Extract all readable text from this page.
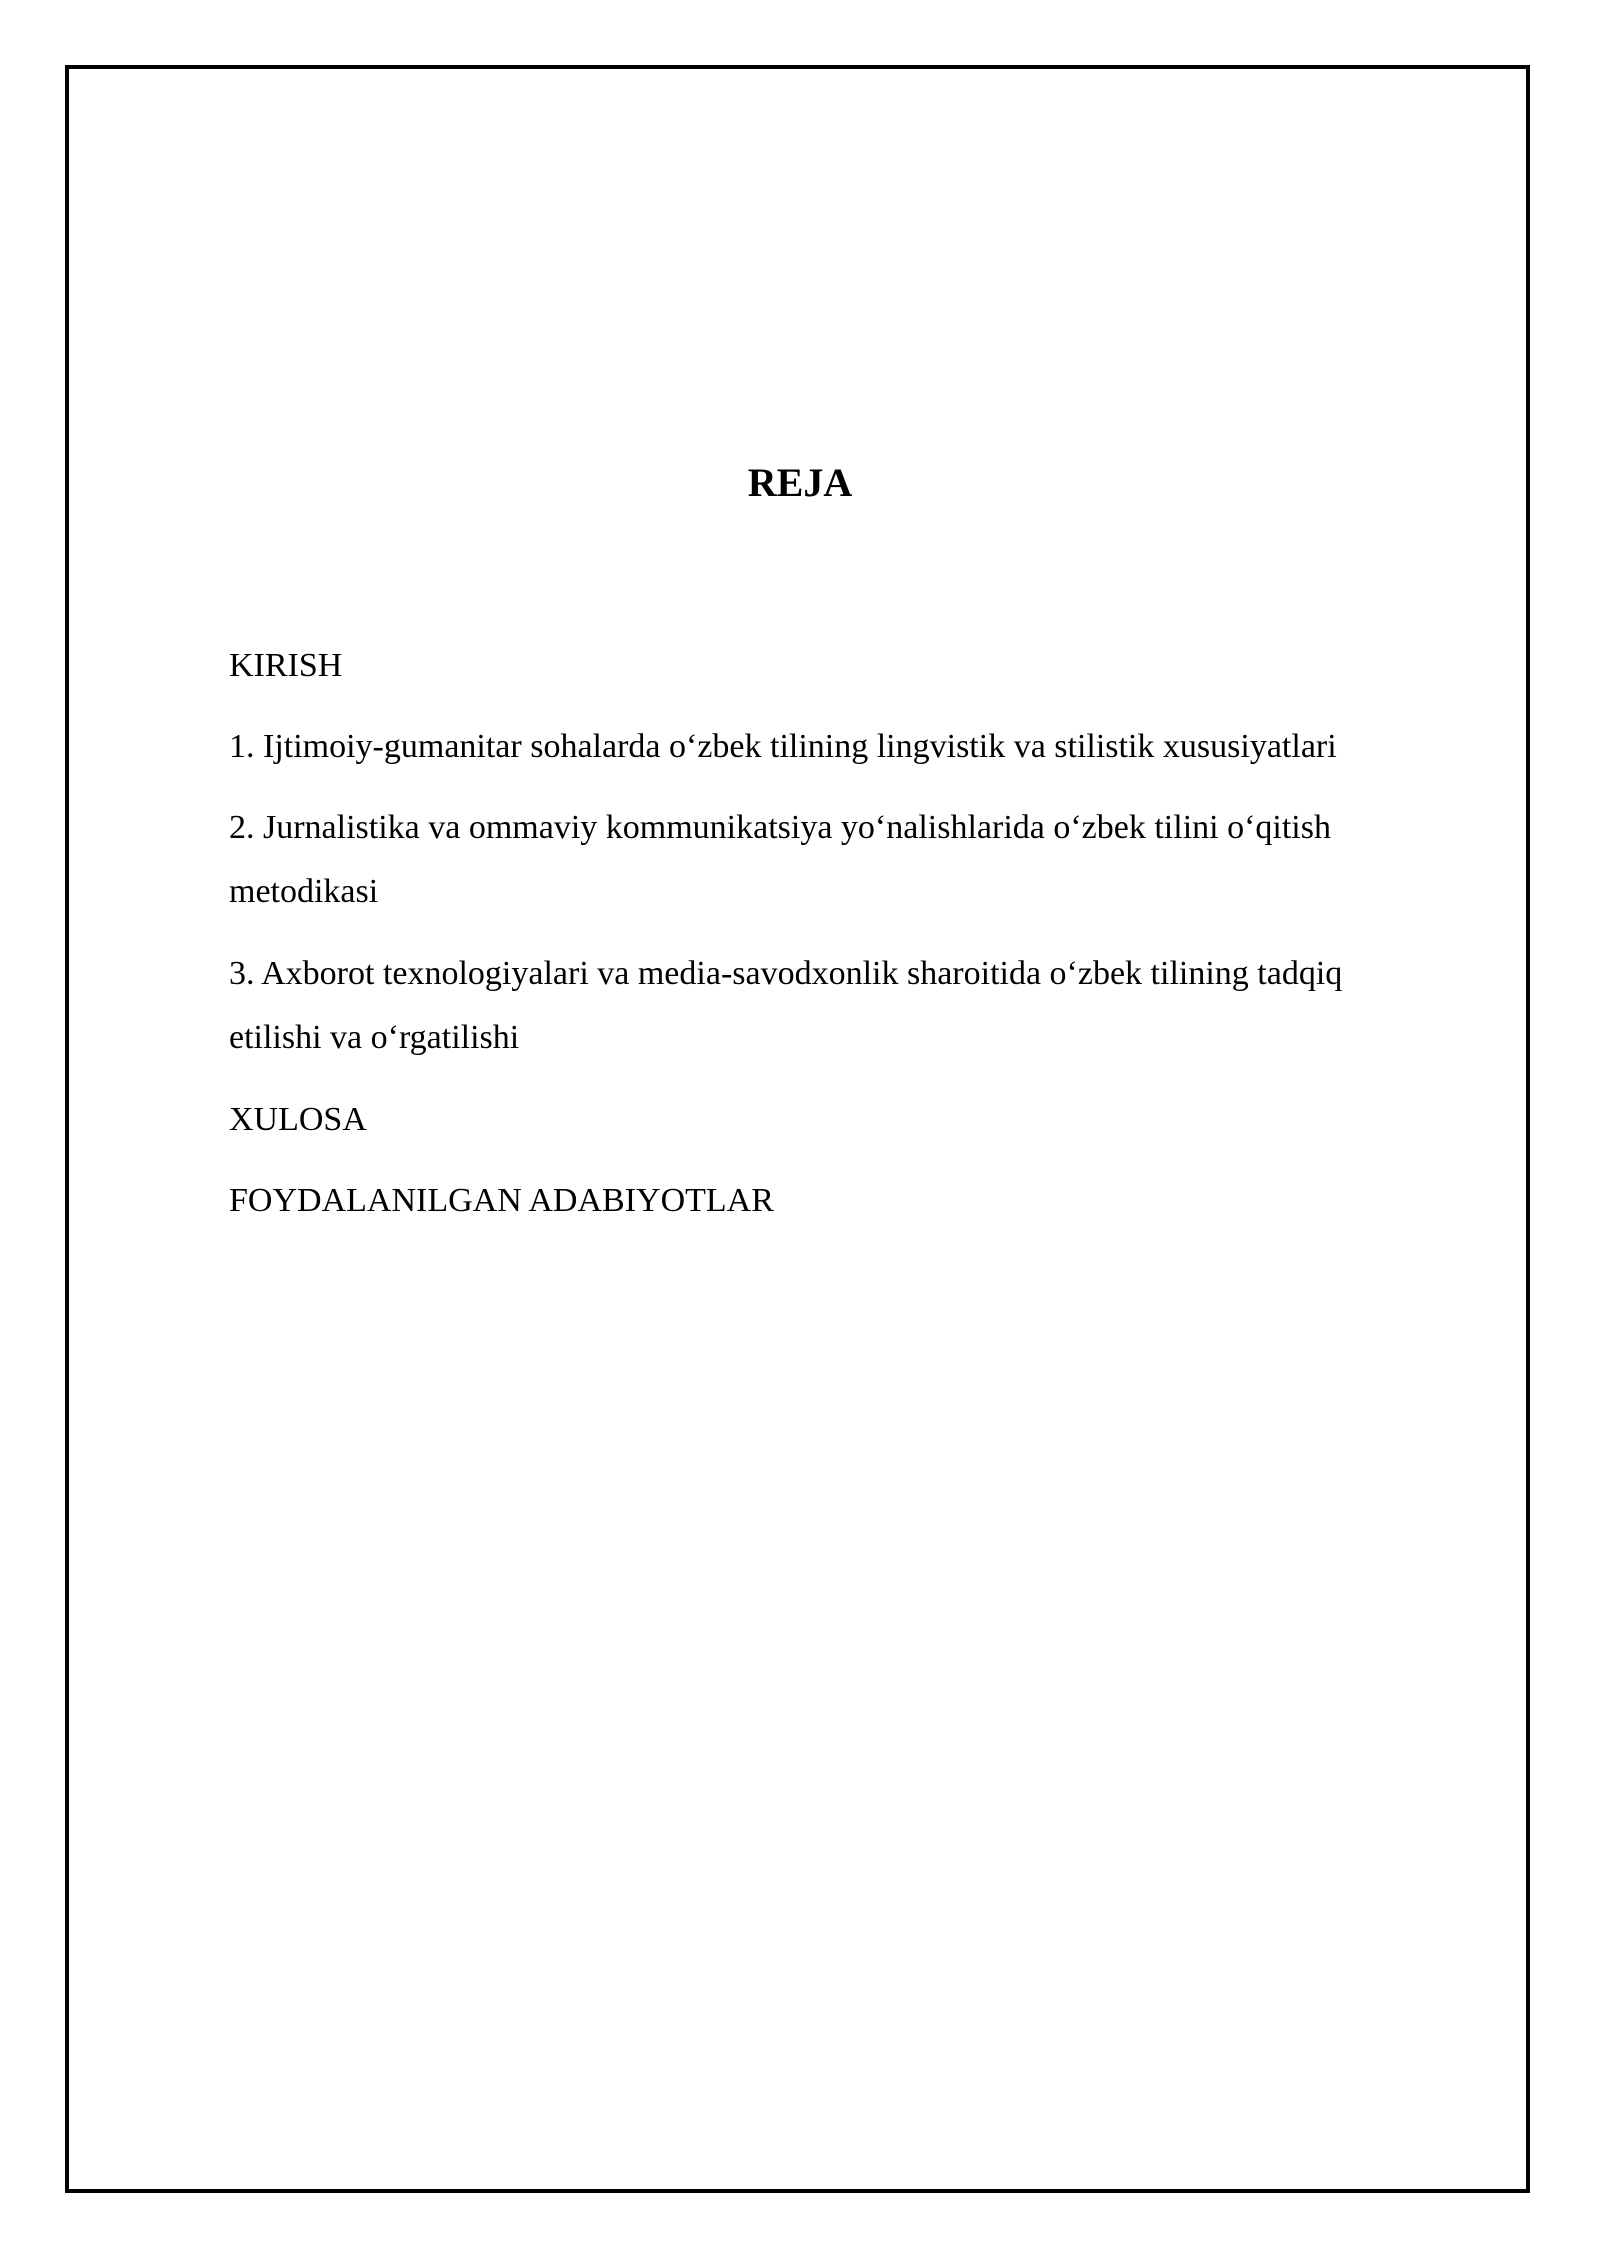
REJA
KIRISH
1. Ijtimoiy-gumanitar sohalarda o‘zbek tilining lingvistik va stilistik xususiyatlari
2. Jurnalistika va ommaviy kommunikatsiya yo‘nalishlarida o‘zbek tilini o‘qitish
metodikasi
3. Axborot texnologiyalari va media-savodxonlik sharoitida o‘zbek tilining tadqiq
etilishi va o‘rgatilishi
XULOSA
FOYDALANILGAN ADABIYOTLAR
